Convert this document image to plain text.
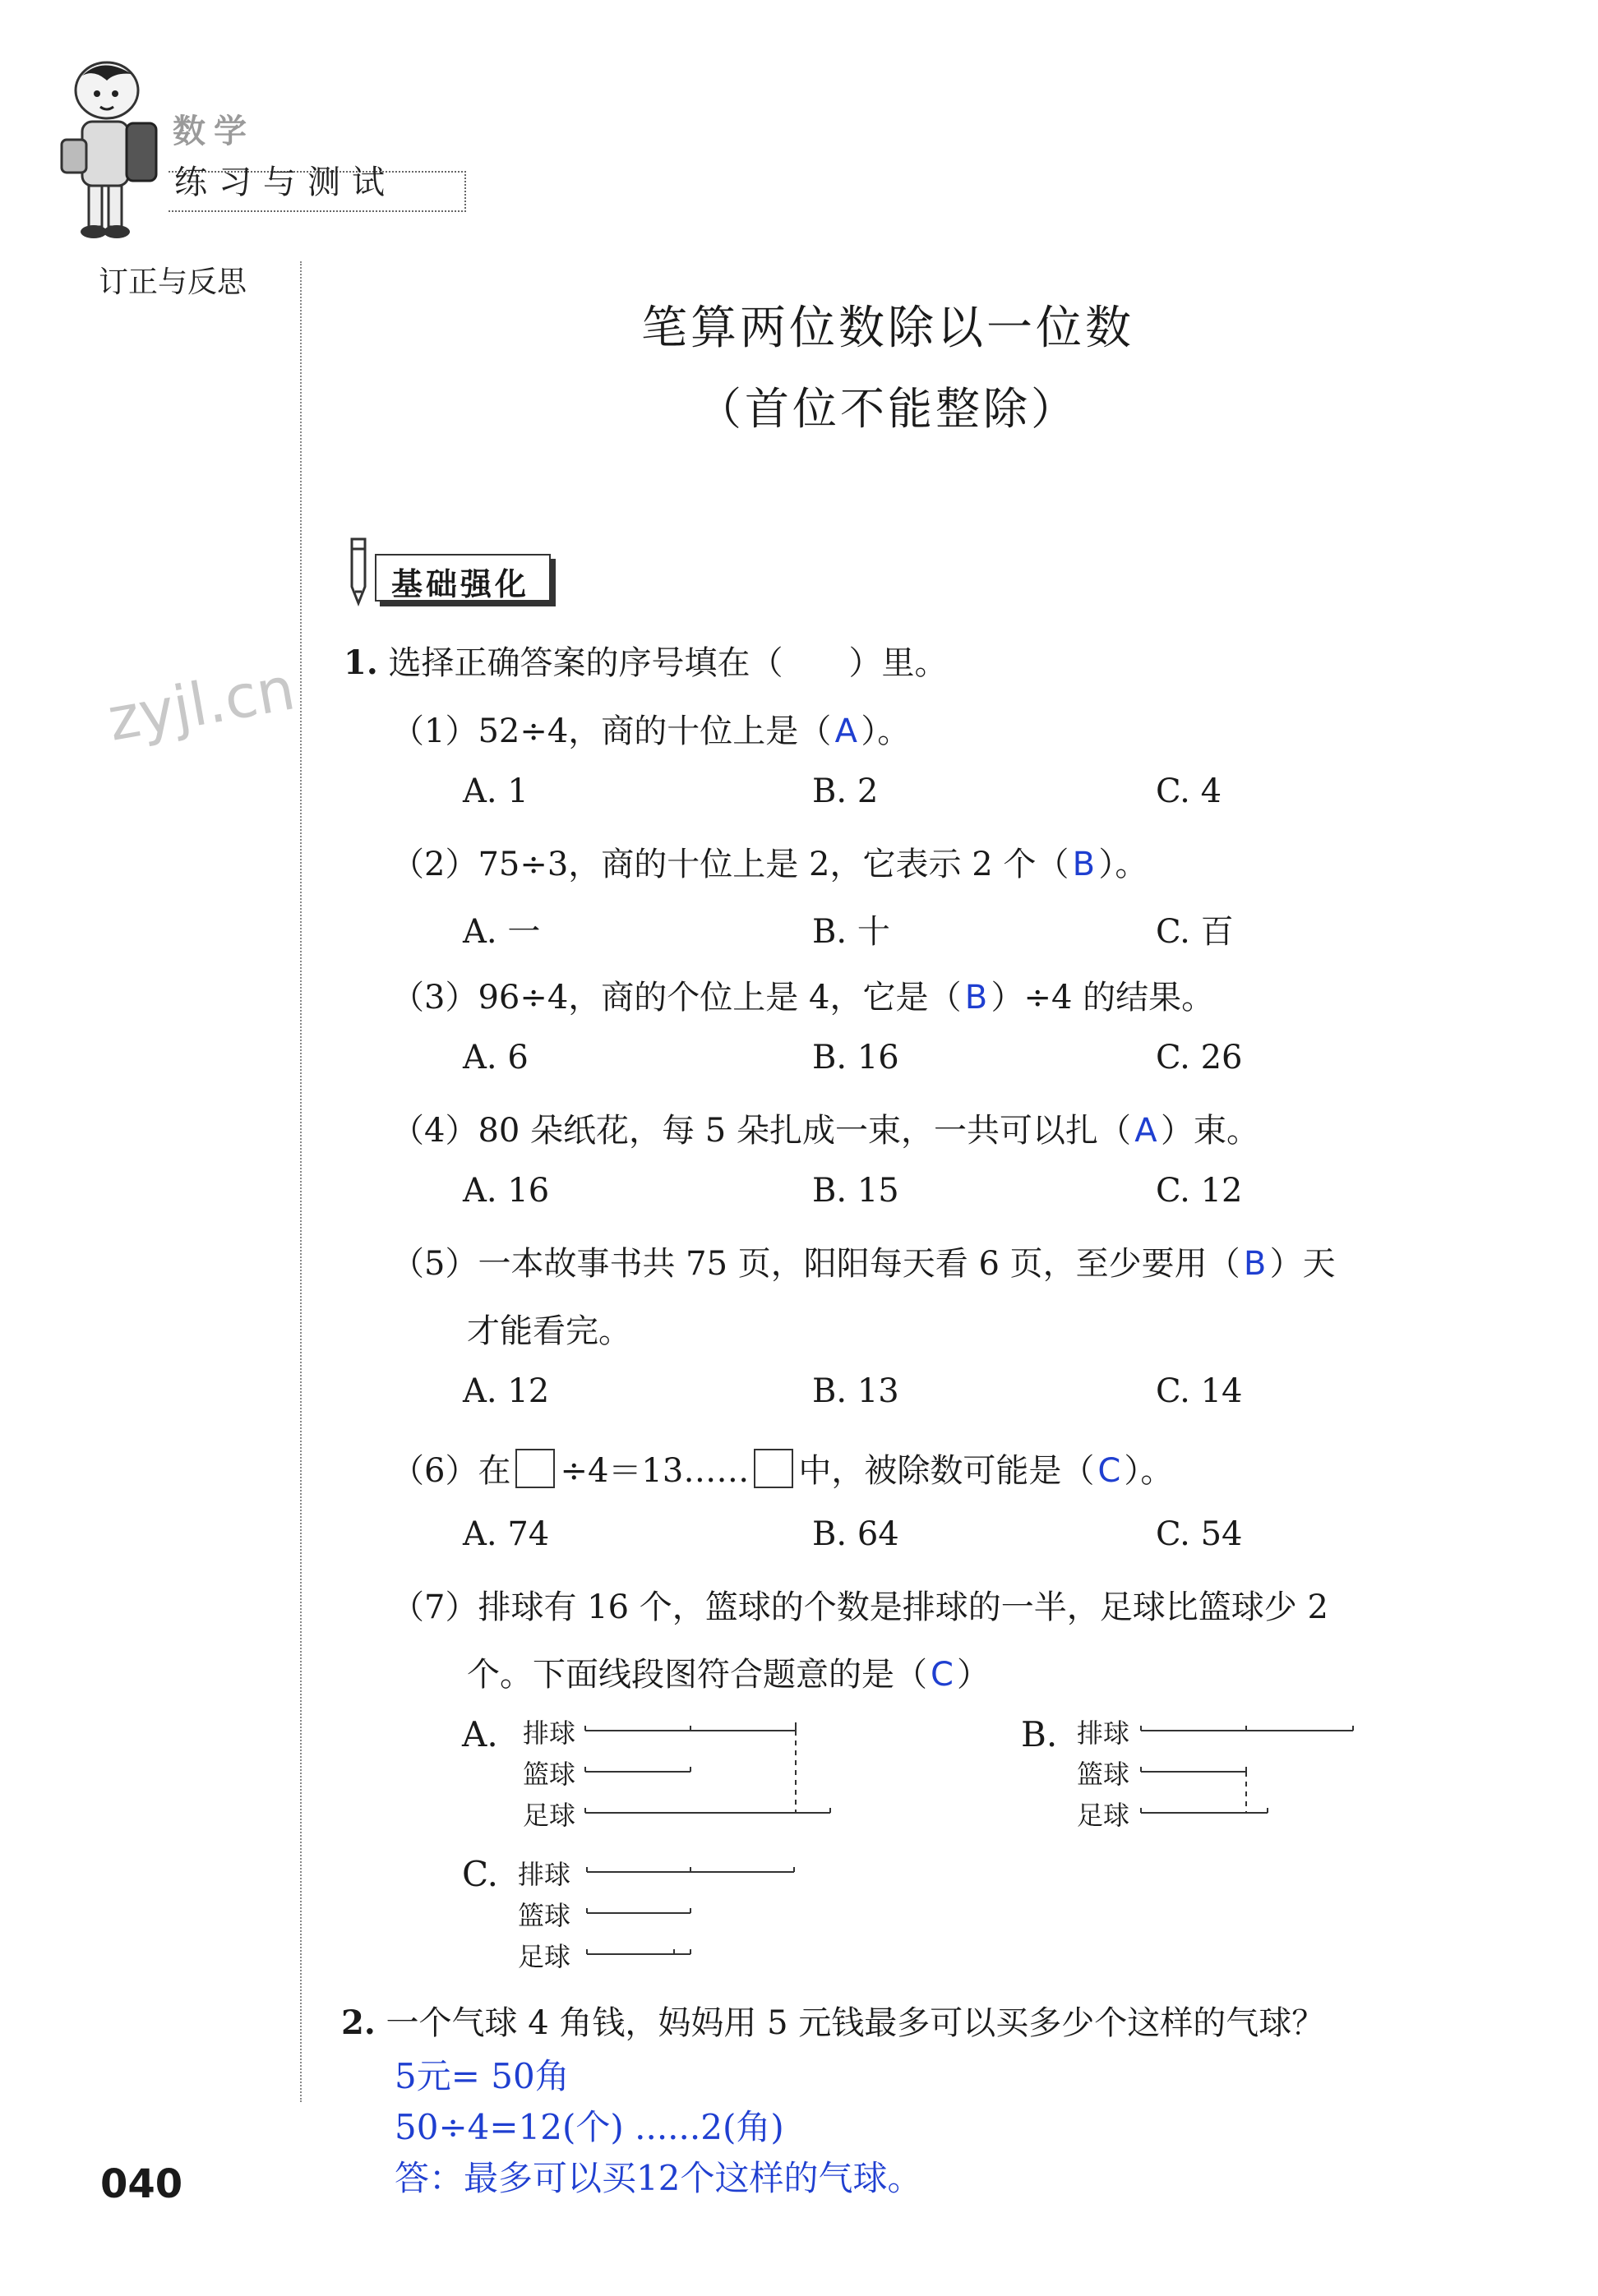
数学
练习与测试
订正与反思
zyjl.cn
笔算两位数除以一位数
（首位不能整除）
基础强化
1. 选择正确答案的序号填在（　　）里。
（1）52÷4，商的十位上是（ A ）。
A. 1	B. 2	C. 4
（2）75÷3，商的十位上是 2，它表示 2 个（ B ）。
A. 一	B. 十	C. 百
（3）96÷4，商的个位上是 4，它是（ B ）÷4 的结果。
A. 6	B. 16	C. 26
（4）80 朵纸花，每 5 朵扎成一束，一共可以扎（ A ）束。
A. 16	B. 15	C. 12
（5）一本故事书共 75 页，阳阳每天看 6 页，至少要用（ B ）天
才能看完。
A. 12	B. 13	C. 14
（6）在 ÷4＝13…… 中，被除数可能是（ C ）。
A. 74	B. 64	C. 54
（7）排球有 16 个，篮球的个数是排球的一半，足球比篮球少 2
个。下面线段图符合题意的是（ C ）
A. 排球
篮球
足球
B. 排球
篮球
足球
C. 排球
篮球
足球
2. 一个气球 4 角钱，妈妈用 5 元钱最多可以买多少个这样的气球？
5元= 50角
50÷4=12(个) ......2(角)
答：最多可以买12个这样的气球。
040
